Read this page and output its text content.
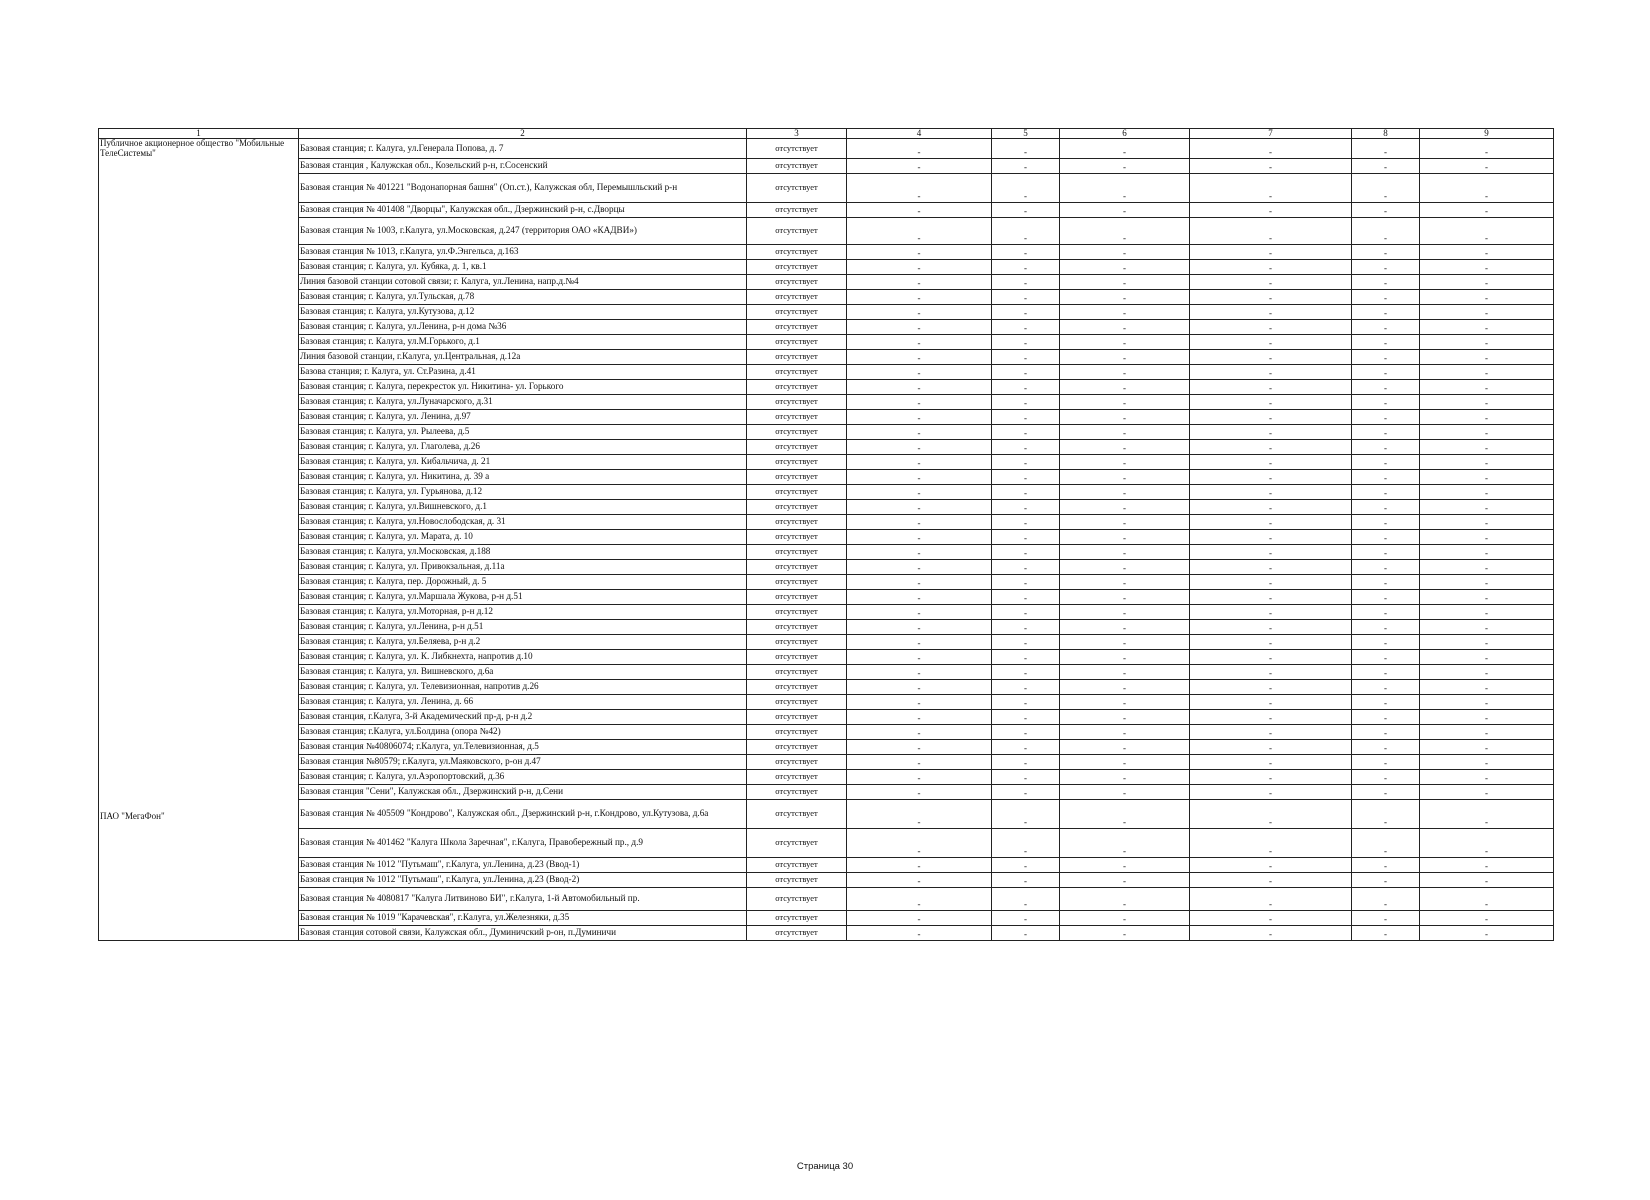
1	2	3	4	5	6	7	8	9
Публичное акционерное общество "Мобильные ТелеСистемы"	Базовая станция; г. Калуга, ул.Генерала Попова, д. 7	отсутствует	-	-	-	-	-	-
ПАО "МегаФон"	Базовая станция , Калужская обл., Козельский р-н, г.Сосенский	отсутствует	-	-	-	-	-	-
	Базовая станция № 401221 "Водонапорная башня" (Оп.ст.), Калужская обл, Перемышльский р-н	отсутствует	-	-	-	-	-	-
	Базовая станция № 401408 "Дворцы", Калужская обл., Дзержинский р-н, с.Дворцы	отсутствует	-	-	-	-	-	-
	Базовая станция № 1003, г.Калуга, ул.Московская, д.247 (территория ОАО «КАДВИ»)	отсутствует	-	-	-	-	-	-
	Базовая станция № 1013, г.Калуга, ул.Ф.Энгельса, д.163	отсутствует	-	-	-	-	-	-
	Базовая станция; г. Калуга, ул. Кубяка, д. 1, кв.1	отсутствует	-	-	-	-	-	-
	Линия базовой станции сотовой связи; г. Калуга, ул.Ленина, напр.д.№4	отсутствует	-	-	-	-	-	-
	Базовая станция; г. Калуга, ул.Тульская, д.78	отсутствует	-	-	-	-	-	-
	Базовая станция; г. Калуга, ул.Кутузова, д.12	отсутствует	-	-	-	-	-	-
	Базовая станция; г. Калуга, ул.Ленина, р-н дома №36	отсутствует	-	-	-	-	-	-
	Базовая станция; г. Калуга, ул.М.Горького, д.1	отсутствует	-	-	-	-	-	-
	Линия базовой станции, г.Калуга, ул.Центральная, д.12а	отсутствует	-	-	-	-	-	-
	Базова станция; г. Калуга, ул. Ст.Разина, д.41	отсутствует	-	-	-	-	-	-
	Базовая станция; г. Калуга, перекресток ул. Никитина- ул. Горького	отсутствует	-	-	-	-	-	-
	Базовая станция; г. Калуга, ул.Луначарского, д.31	отсутствует	-	-	-	-	-	-
	Базовая станция; г. Калуга, ул. Ленина, д.97	отсутствует	-	-	-	-	-	-
	Базовая станция; г. Калуга, ул. Рылеева, д.5	отсутствует	-	-	-	-	-	-
	Базовая станция; г. Калуга, ул. Глаголева, д.26	отсутствует	-	-	-	-	-	-
	Базовая станция; г. Калуга, ул. Кибальчича, д. 21	отсутствует	-	-	-	-	-	-
	Базовая станция; г. Калуга, ул. Никитина, д. 39 а	отсутствует	-	-	-	-	-	-
	Базовая станция; г. Калуга, ул. Гурьянова, д.12	отсутствует	-	-	-	-	-	-
	Базовая станция; г. Калуга, ул.Вишневского, д.1	отсутствует	-	-	-	-	-	-
	Базовая станция; г. Калуга, ул.Новослободская, д. 31	отсутствует	-	-	-	-	-	-
	Базовая станция; г. Калуга, ул. Марата, д. 10	отсутствует	-	-	-	-	-	-
	Базовая станция; г. Калуга, ул.Московская, д.188	отсутствует	-	-	-	-	-	-
	Базовая станция; г. Калуга, ул. Привокзальная, д.11а	отсутствует	-	-	-	-	-	-
	Базовая станция; г. Калуга, пер. Дорожный, д. 5	отсутствует	-	-	-	-	-	-
	Базовая станция; г. Калуга, ул.Маршала Жукова, р-н д.51	отсутствует	-	-	-	-	-	-
	Базовая станция; г. Калуга, ул.Моторная, р-н д.12	отсутствует	-	-	-	-	-	-
	Базовая станция; г. Калуга, ул.Ленина, р-н д.51	отсутствует	-	-	-	-	-	-
	Базовая станция; г. Калуга, ул.Беляева, р-н д.2	отсутствует	-	-	-	-	-	-
	Базовая станция; г. Калуга, ул. К. Либкнехта, напротив д.10	отсутствует	-	-	-	-	-	-
	Базовая станция; г. Калуга, ул. Вишневского, д.6а	отсутствует	-	-	-	-	-	-
	Базовая станция; г. Калуга, ул. Телевизионная, напротив д.26	отсутствует	-	-	-	-	-	-
	Базовая станция; г. Калуга, ул. Ленина, д. 66	отсутствует	-	-	-	-	-	-
	Базовая станция, г.Калуга, 3-й Академический пр-д, р-н д.2	отсутствует	-	-	-	-	-	-
	Базовая станция; г.Калуга, ул.Болдина (опора №42)	отсутствует	-	-	-	-	-	-
	Базовая станция №40806074; г.Калуга, ул.Телевизионная, д.5	отсутствует	-	-	-	-	-	-
	Базовая станция №80579; г.Калуга, ул.Маяковского, р-он д.47	отсутствует	-	-	-	-	-	-
	Базовая станция; г. Калуга, ул.Аэропортовский, д.36	отсутствует	-	-	-	-	-	-
	Базовая станция "Сени", Калужская обл., Дзержинский р-н, д.Сени	отсутствует	-	-	-	-	-	-
	Базовая станция № 405509 "Кондрово", Калужская обл., Дзержинский р-н, г.Кондрово, ул.Кутузова, д.6а	отсутствует	-	-	-	-	-	-
	Базовая станция № 401462 "Калуга Школа Заречная", г.Калуга, Правобережный пр., д.9	отсутствует	-	-	-	-	-	-
	Базовая станция № 1012 "Путьмаш", г.Калуга, ул.Ленина, д.23 (Ввод-1)	отсутствует	-	-	-	-	-	-
	Базовая станция № 1012 "Путьмаш", г.Калуга, ул.Ленина, д.23 (Ввод-2)	отсутствует	-	-	-	-	-	-
	Базовая станция № 4080817 "Калуга Литвиново БИ", г.Калуга, 1-й Автомобильный пр.	отсутствует	-	-	-	-	-	-
	Базовая станция № 1019 "Карачевская", г.Калуга, ул.Железняки, д.35	отсутствует	-	-	-	-	-	-
	Базовая станция сотовой связи, Калужская обл., Думиничский р-он, п.Думиничи	отсутствует	-	-	-	-	-	-
Страница 30
